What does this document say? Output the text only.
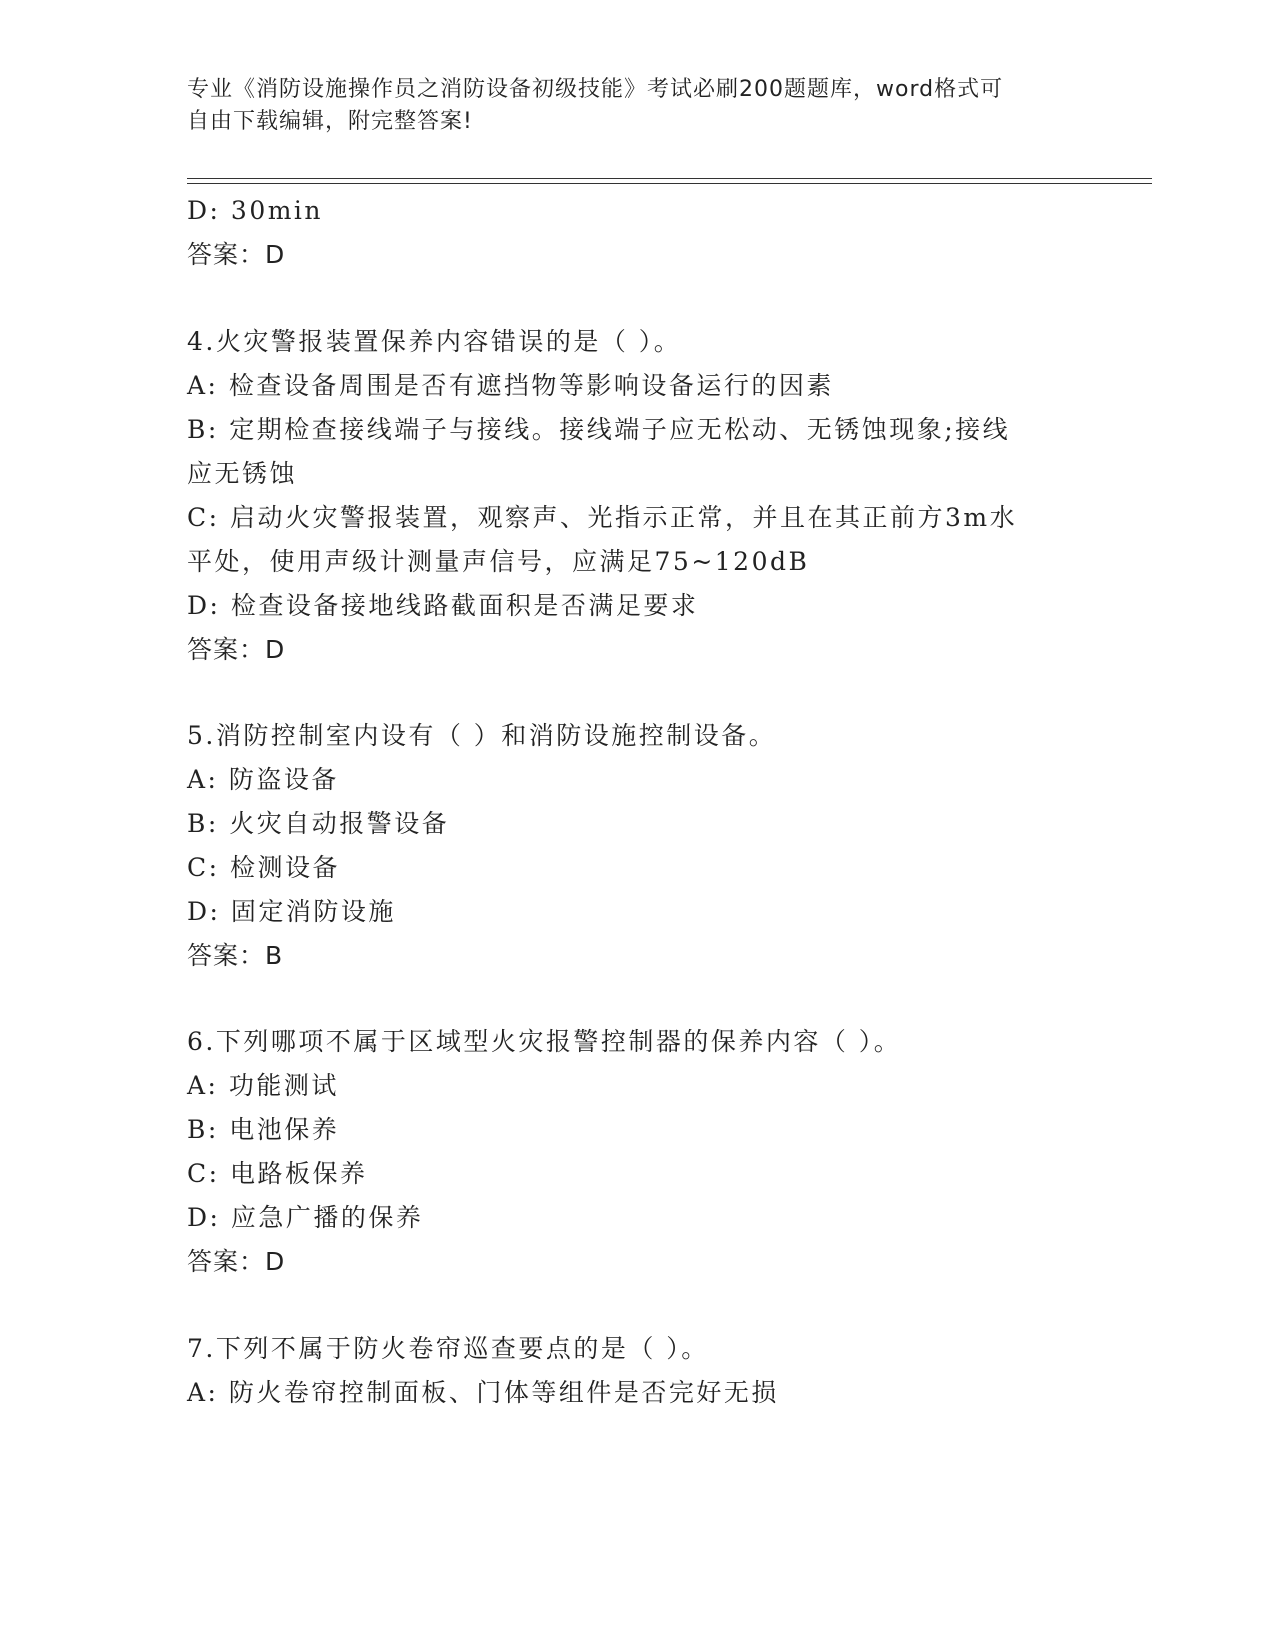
专业《消防设施操作员之消防设备初级技能》考试必刷200题题库，word格式可
自由下载编辑，附完整答案!
D: 30min
答案：D
4.火灾警报装置保养内容错误的是（ ）。
A: 检查设备周围是否有遮挡物等影响设备运行的因素
B: 定期检查接线端子与接线。接线端子应无松动、无锈蚀现象;接线
应无锈蚀
C: 启动火灾警报装置，观察声、光指示正常，并且在其正前方3m水
平处，使用声级计测量声信号，应满足75~120dB
D: 检查设备接地线路截面积是否满足要求
答案：D
5.消防控制室内设有（ ）和消防设施控制设备。
A: 防盗设备
B: 火灾自动报警设备
C: 检测设备
D: 固定消防设施
答案：B
6.下列哪项不属于区域型火灾报警控制器的保养内容（ ）。
A: 功能测试
B: 电池保养
C: 电路板保养
D: 应急广播的保养
答案：D
7.下列不属于防火卷帘巡查要点的是（ ）。
A: 防火卷帘控制面板、门体等组件是否完好无损
